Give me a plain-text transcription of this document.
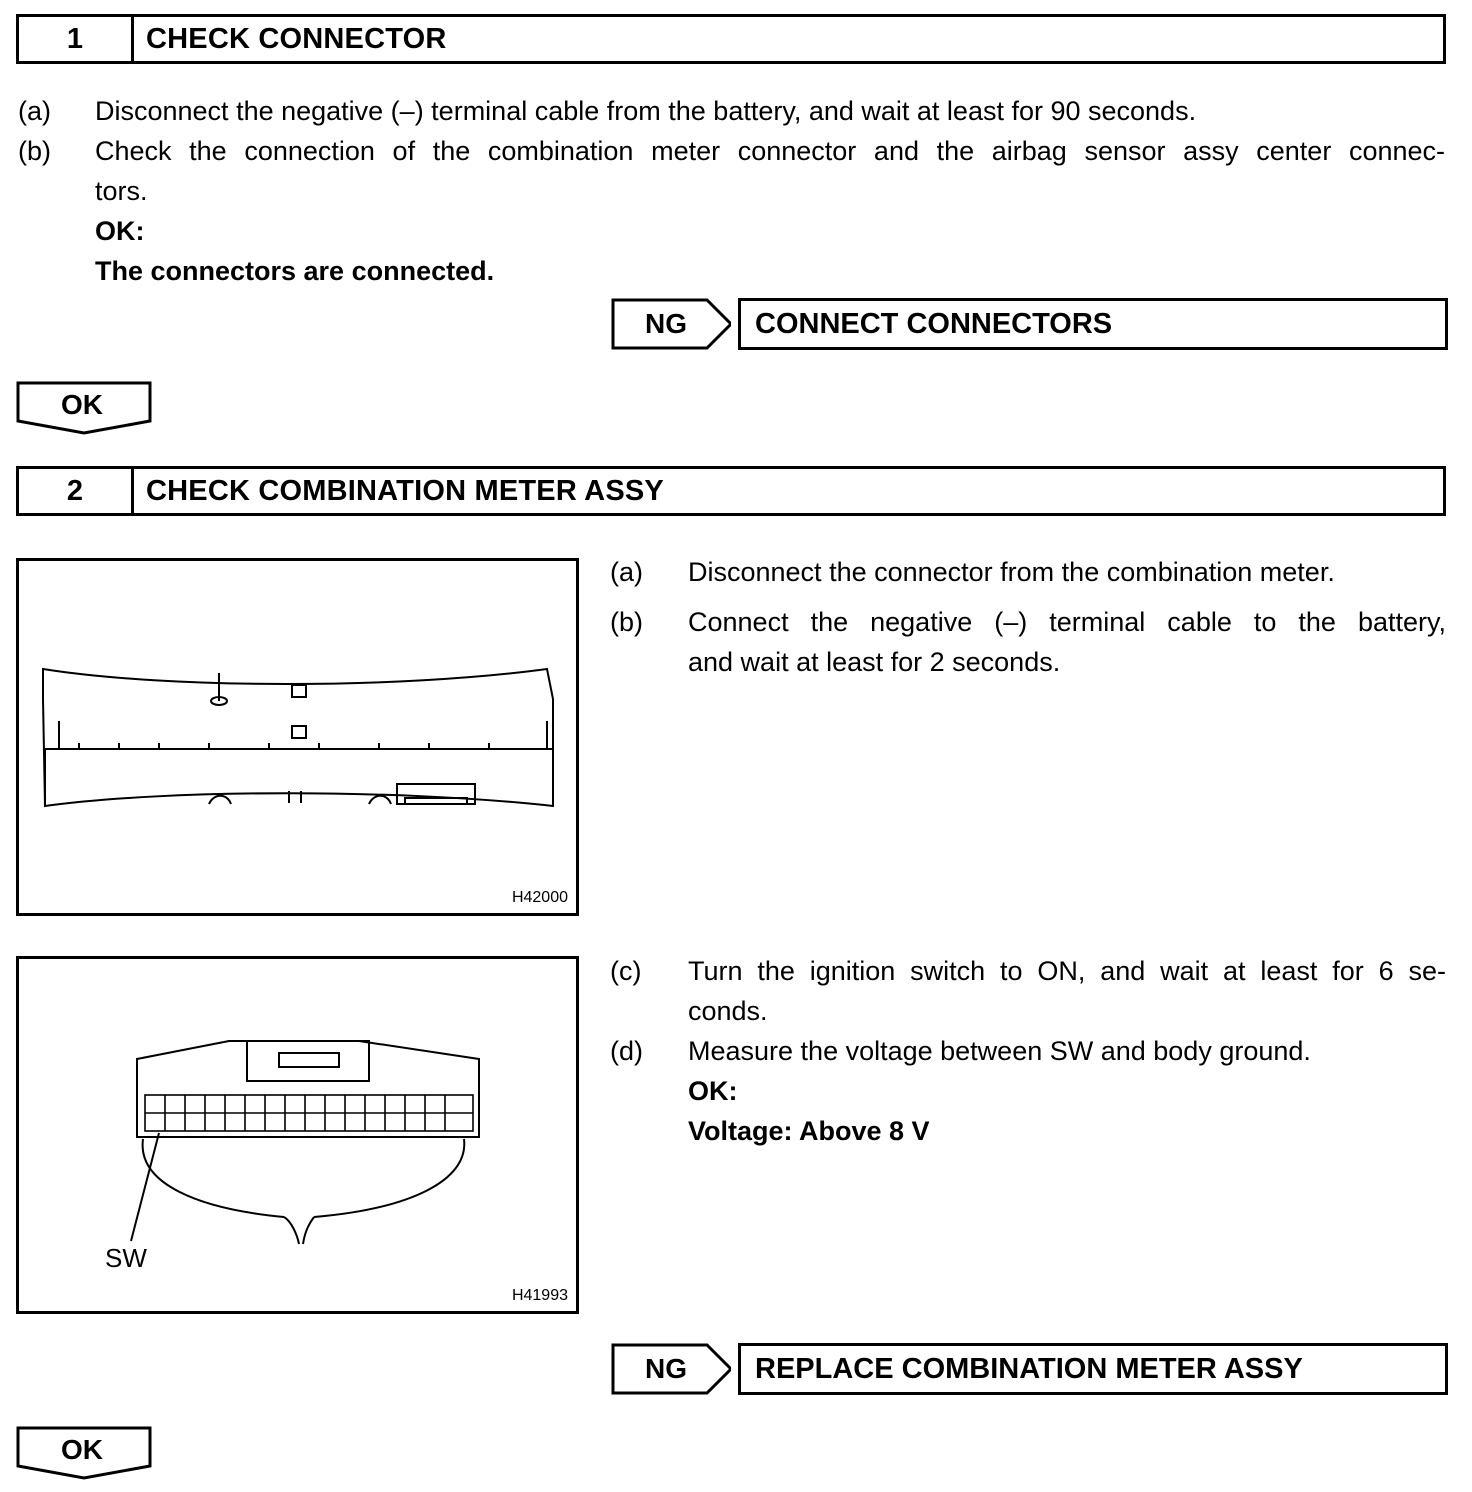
1	CHECK CONNECTOR
(a) Disconnect the negative (–) terminal cable from the battery, and wait at least for 90 seconds.
(b) Check the connection of the combination meter connector and the airbag sensor assy center connec-
tors.
OK:
The connectors are connected.
NG	CONNECT CONNECTORS
OK
2	CHECK COMBINATION METER ASSY
H42000
(a) Disconnect the connector from the combination meter.
(b) Connect the negative (–) terminal cable to the battery,
and wait at least for 2 seconds.
SW
H41993
(c) Turn the ignition switch to ON, and wait at least for 6 se-
conds.
(d) Measure the voltage between SW and body ground.
OK:
Voltage: Above 8 V
NG	REPLACE COMBINATION METER ASSY
OK
